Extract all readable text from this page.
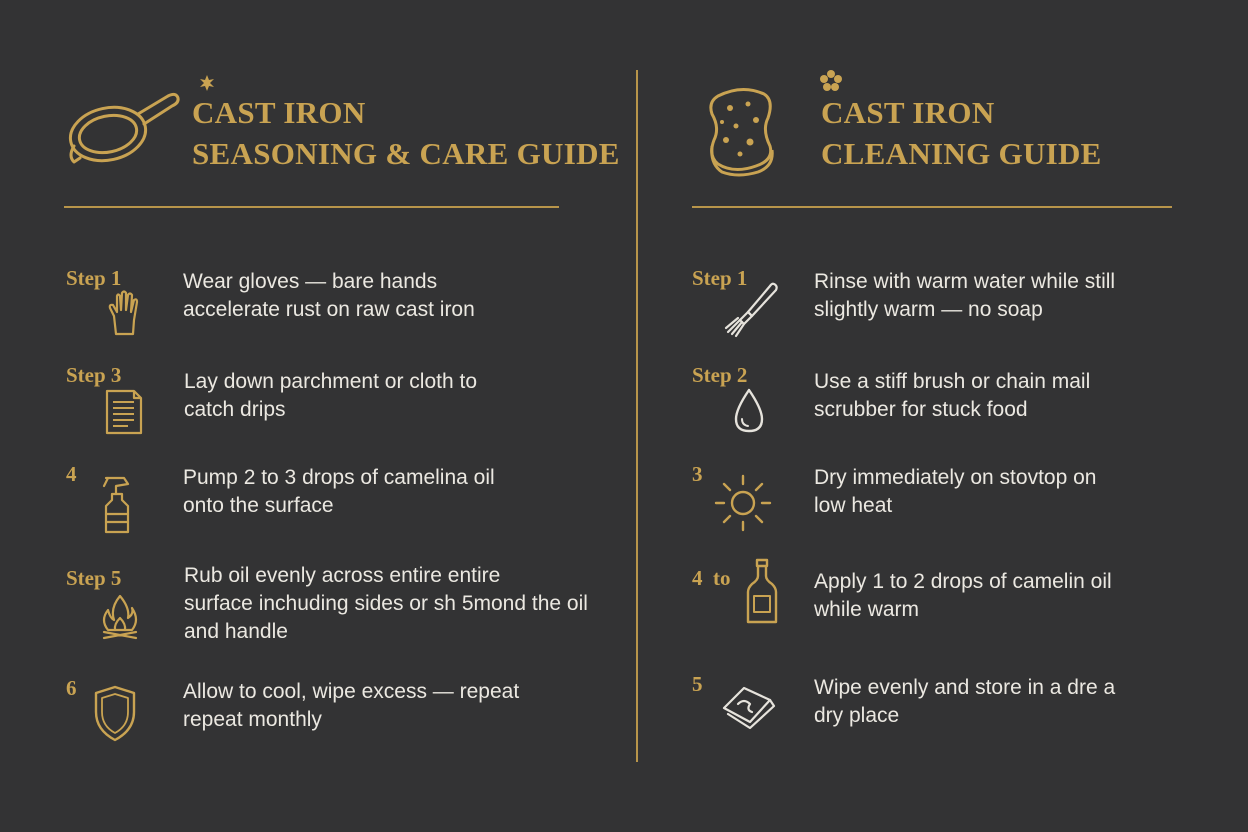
CAST IRON
SEASONING & CARE GUIDE
Step 1	Wear gloves — bare hands
accelerate rust on raw cast iron
Step 3	Lay down parchment or cloth to
catch drips
4	Pump 2 to 3 drops of camelina oil
onto the surface
Step 5	Rub oil evenly across entire entire
surface inchuding sides or sh 5mond the oil
and handle
6	Allow to cool, wipe excess — repeat
repeat monthly
CAST IRON
CLEANING GUIDE
Step 1	Rinse with warm water while still
slightly warm — no soap
Step 2	Use a stiff brush or chain mail
scrubber for stuck food
3	Dry immediately on stovtop on
low heat
4  to	Apply 1 to 2 drops of camelin oil
while warm
5	Wipe evenly and store in a dre a
dry place
